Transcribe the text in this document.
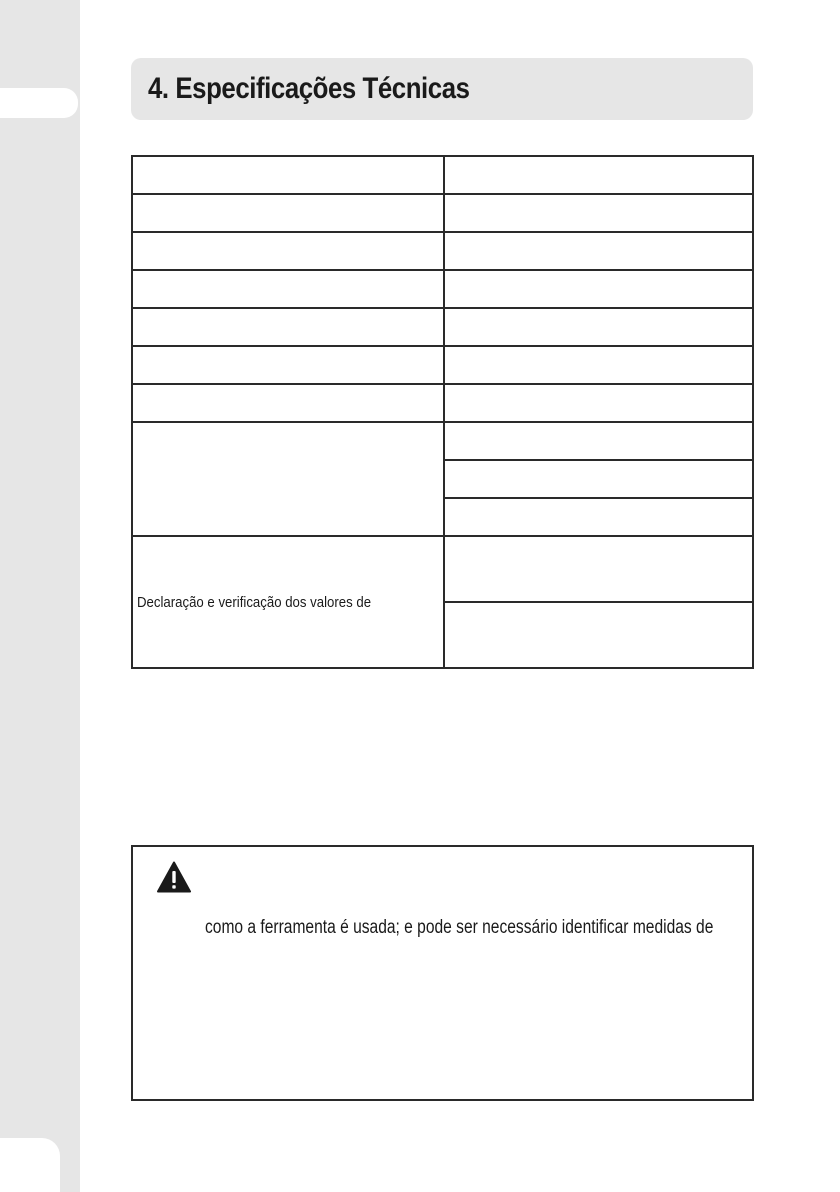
4. Especificações Técnicas

Declaração e verificação dos valores de	

como a ferramenta é usada; e pode ser necessário identificar medidas de
